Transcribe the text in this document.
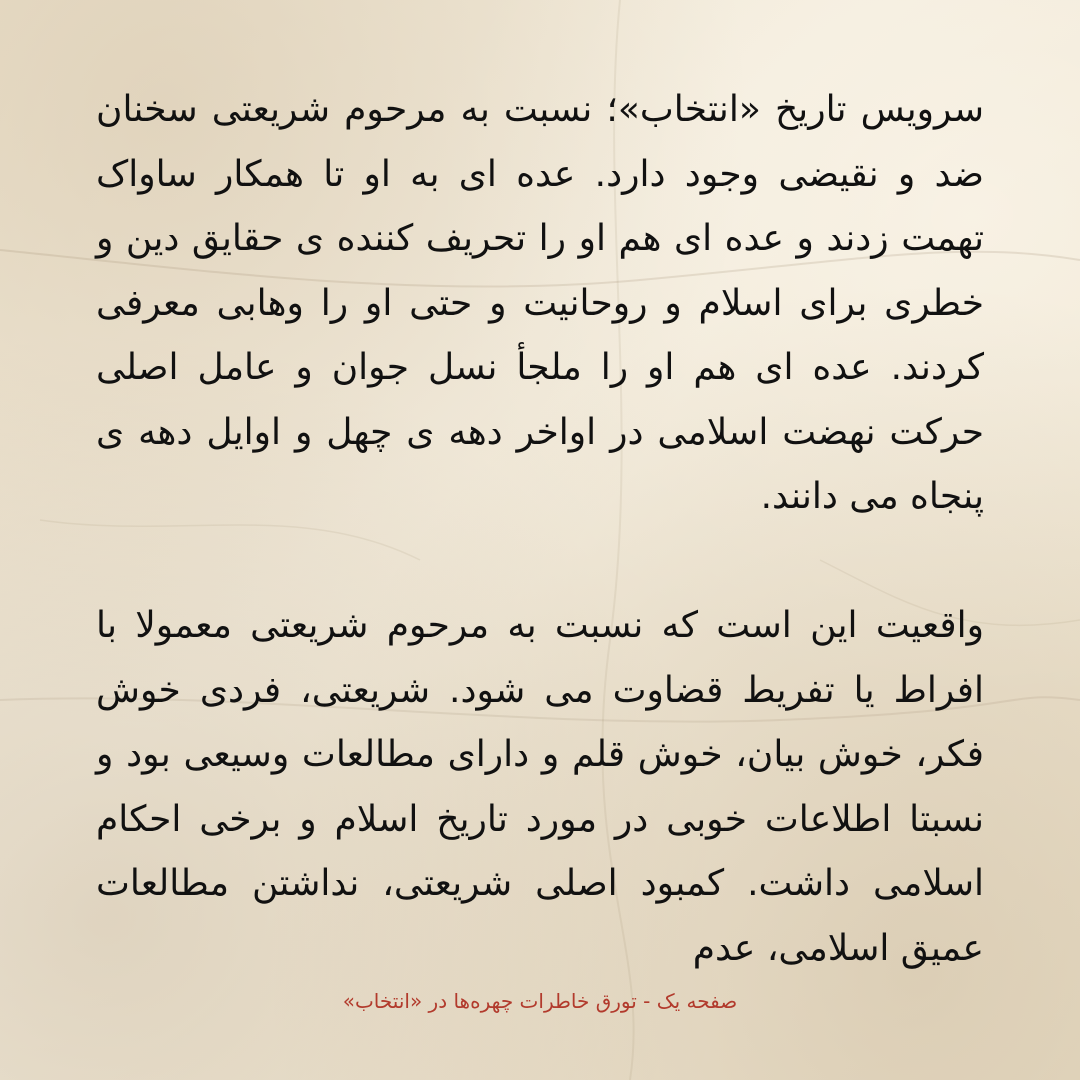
سرویس تاریخ «انتخاب»؛ نسبت به مرحوم شریعتی سخنان ضد و نقیضی وجود دارد. عده ای به او تا همکار ساواک تهمت زدند و عده ای هم او را تحریف کننده ی حقایق دین و خطری برای اسلام و روحانیت و حتی او را وهابی معرفی کردند. عده ای هم او را ملجأ نسل جوان و عامل اصلی حرکت نهضت اسلامی در اواخر دهه ی چهل و اوایل دهه ی پنجاه می دانند.

واقعیت این است که نسبت به مرحوم شریعتی معمولا با افراط یا تفریط قضاوت می شود. شریعتی، فردی خوش فکر، خوش بیان، خوش قلم و دارای مطالعات وسیعی بود و نسبتا اطلاعات خوبی در مورد تاریخ اسلام و برخی احکام اسلامی داشت. کمبود اصلی شریعتی، نداشتن مطالعات عمیق اسلامی، عدم

صفحه یک - تورق خاطرات چهره‌ها در «انتخاب»
